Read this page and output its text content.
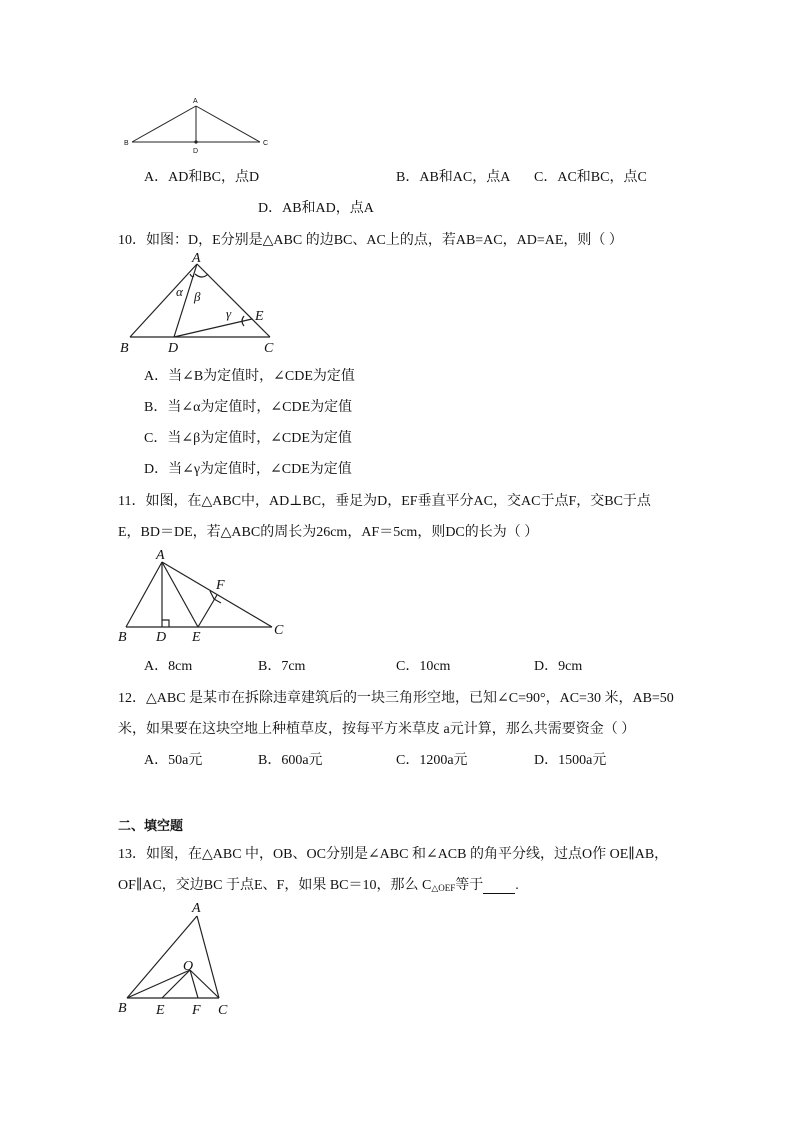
A
B	C
D
A．AD和BC，点D	B．AB和AC，点A C．AC和BC，点C
D．AB和AD，点A
10．如图：D，E分别是△ABC 的边BC、AC上的点，若AB=AC，AD=AE，则（ ）
A
B	C
D
E
α β
γ
A．当∠B为定值时，∠CDE为定值
B．当∠α为定值时，∠CDE为定值
C．当∠β为定值时，∠CDE为定值
D．当∠γ为定值时，∠CDE为定值
11．如图，在△ABC中，AD⊥BC，垂足为D，EF垂直平分AC，交AC于点F，交BC于点
E，BD＝DE，若△ABC的周长为26cm，AF＝5cm，则DC的长为（ ）
A
B	C
D E
F
A．8cm	B．7cm	C．10cm	D．9cm
12．△ABC 是某市在拆除违章建筑后的一块三角形空地，已知∠C=90°，AC=30 米，AB=50
米，如果要在这块空地上种植草皮，按每平方米草皮 a元计算，那么共需要资金（ ）
A．50a元	B．600a元	C．1200a元	D．1500a元
二、填空题
13．如图，在△ABC 中，OB、OC分别是∠ABC 和∠ACB 的角平分线，过点O作 OE∥AB，
OF∥AC，交边BC 于点E、F，如果 BC＝10，那么 $C_{\triangle OEF}$等于 .
A
B	C
O
E F
